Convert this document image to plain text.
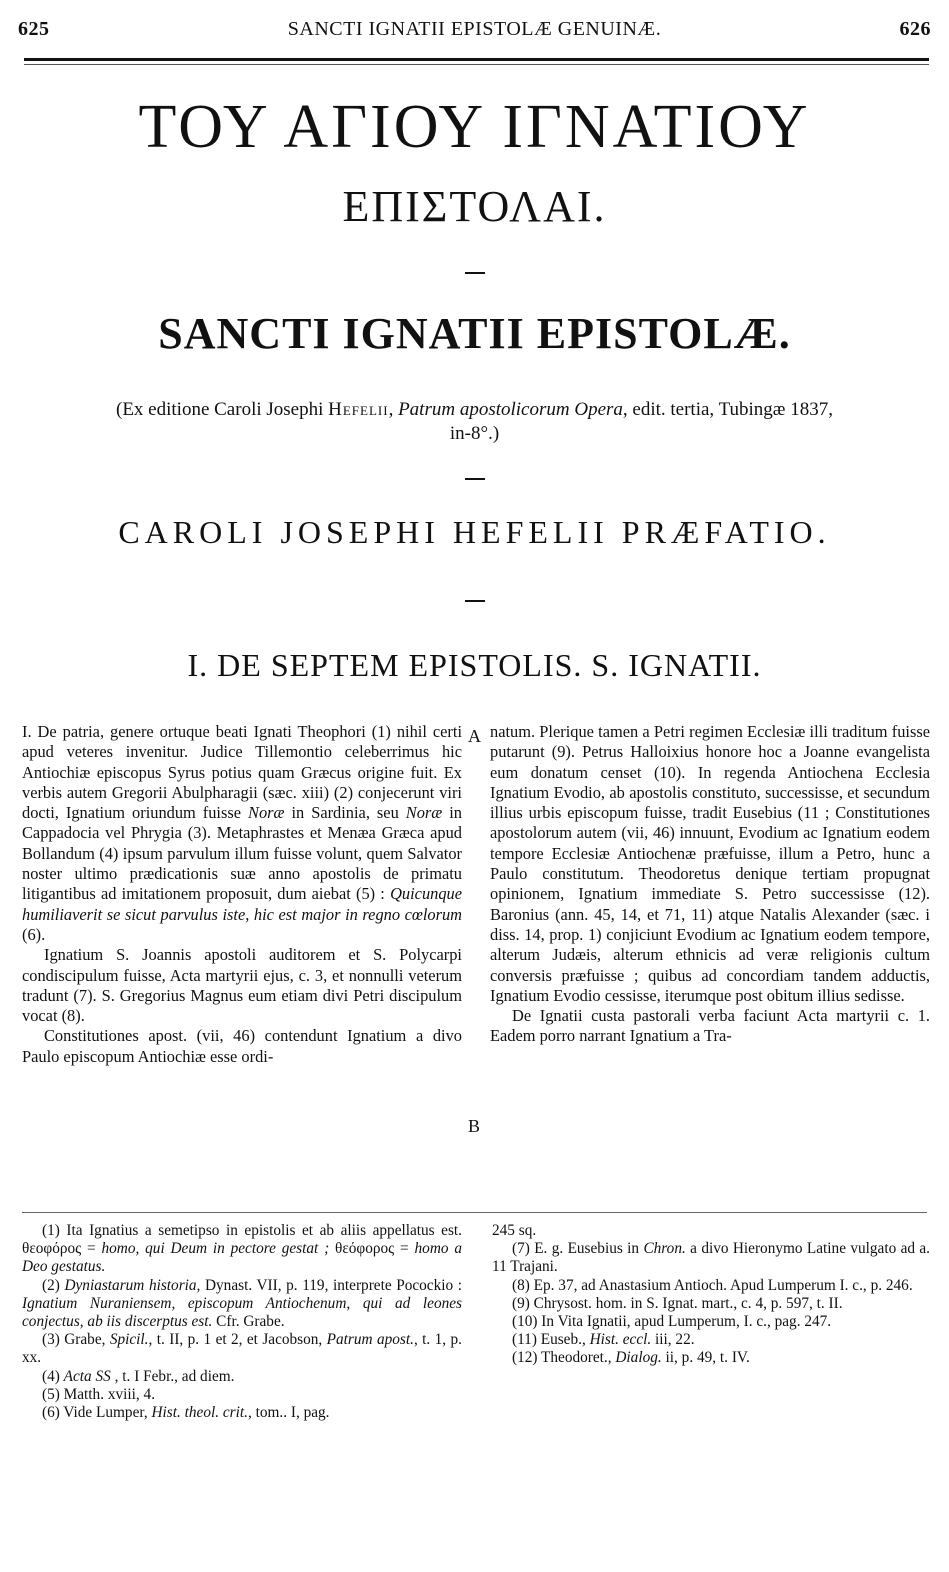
625	SANCTI IGNATII EPISTOLÆ GENUINÆ.	626
ΤΟΥ ΑΓΙΟΥ ΙΓΝΑΤΙΟΥ
ΕΠΙΣΤΟΛΑΙ.
SANCTI IGNATII EPISTOLÆ.
(Ex editione Caroli Josephi Hefelii, Patrum apostolicorum Opera, edit. tertia, Tubingæ 1837,
in-8°.)
CAROLI JOSEPHI HEFELII PRÆFATIO.
I. DE SEPTEM EPISTOLIS. S. IGNATII.

I. De patria, genere ortuque beati Ignati Theophori (1) nihil certi apud veteres invenitur. Judice Tillemontio celeberrimus hic Antiochiæ episcopus Syrus potius quam Græcus origine fuit. Ex verbis autem Gregorii Abulpharagii (sæc. xiii) (2) conjecerunt viri docti, Ignatium oriundum fuisse Noræ in Sardinia, seu Noræ in Cappadocia vel Phrygia (3). Metaphrastes et Menæa Græca apud Bollandum (4) ipsum parvulum illum fuisse volunt, quem Salvator noster ultimo prædicationis suæ anno apostolis de primatu litigantibus ad imitationem proposuit, dum aiebat (5) : Quicunque humiliaverit se sicut parvulus iste, hic est major in regno cœlorum (6).

Ignatium S. Joannis apostoli auditorem et S. Polycarpi condiscipulum fuisse, Acta martyrii ejus, c. 3, et nonnulli veterum tradunt (7). S. Gregorius Magnus eum etiam divi Petri discipulum vocat (8).

Constitutiones apost. (vii, 46) contendunt Ignatium a divo Paulo episcopum Antiochiæ esse ordi-

A
B

natum. Plerique tamen a Petri regimen Ecclesiæ illi traditum fuisse putarunt (9). Petrus Halloixius honore hoc a Joanne evangelista eum donatum censet (10). In regenda Antiochena Ecclesia Ignatium Evodio, ab apostolis constituto, successisse, et secundum illius urbis episcopum fuisse, tradit Eusebius (11 ; Constitutiones apostolorum autem (vii, 46) innuunt, Evodium ac Ignatium eodem tempore Ecclesiæ Antiochenæ præfuisse, illum a Petro, hunc a Paulo constitutum. Theodoretus denique tertiam propugnat opinionem, Ignatium immediate S. Petro successisse (12). Baronius (ann. 45, 14, et 71, 11) atque Natalis Alexander (sæc. i diss. 14, prop. 1) conjiciunt Evodium ac Ignatium eodem tempore, alterum Judæis, alterum ethnicis ad veræ religionis cultum conversis præfuisse ; quibus ad concordiam tandem adductis, Ignatium Evodio cessisse, iterumque post obitum illius sedisse.

De Ignatii custa pastorali verba faciunt Acta martyrii c. 1. Eadem porro narrant Ignatium a Tra-

(1) Ita Ignatius a semetipso in epistolis et ab aliis appellatus est. θεοφόρος = homo, qui Deum in pectore gestat ; θεόφορος = homo a Deo gestatus.

(2) Dyniastarum historia, Dynast. VII, p. 119, interprete Pocockio : Ignatium Nuraniensem, episcopum Antiochenum, qui ad leones conjectus, ab iis discerptus est. Cfr. Grabe.

(3) Grabe, Spicil., t. II, p. 1 et 2, et Jacobson, Patrum apost., t. 1, p. xx.

(4) Acta SS , t. I Febr., ad diem.

(5) Matth. xviii, 4.

(6) Vide Lumper, Hist. theol. crit., tom.. I, pag.

245 sq.

(7) E. g. Eusebius in Chron. a divo Hieronymo Latine vulgato ad a. 11 Trajani.

(8) Ep. 37, ad Anastasium Antioch. Apud Lumperum I. c., p. 246.

(9) Chrysost. hom. in S. Ignat. mart., c. 4, p. 597, t. II.

(10) In Vita Ignatii, apud Lumperum, I. c., pag. 247.

(11) Euseb., Hist. eccl. iii, 22.

(12) Theodoret., Dialog. ii, p. 49, t. IV.
